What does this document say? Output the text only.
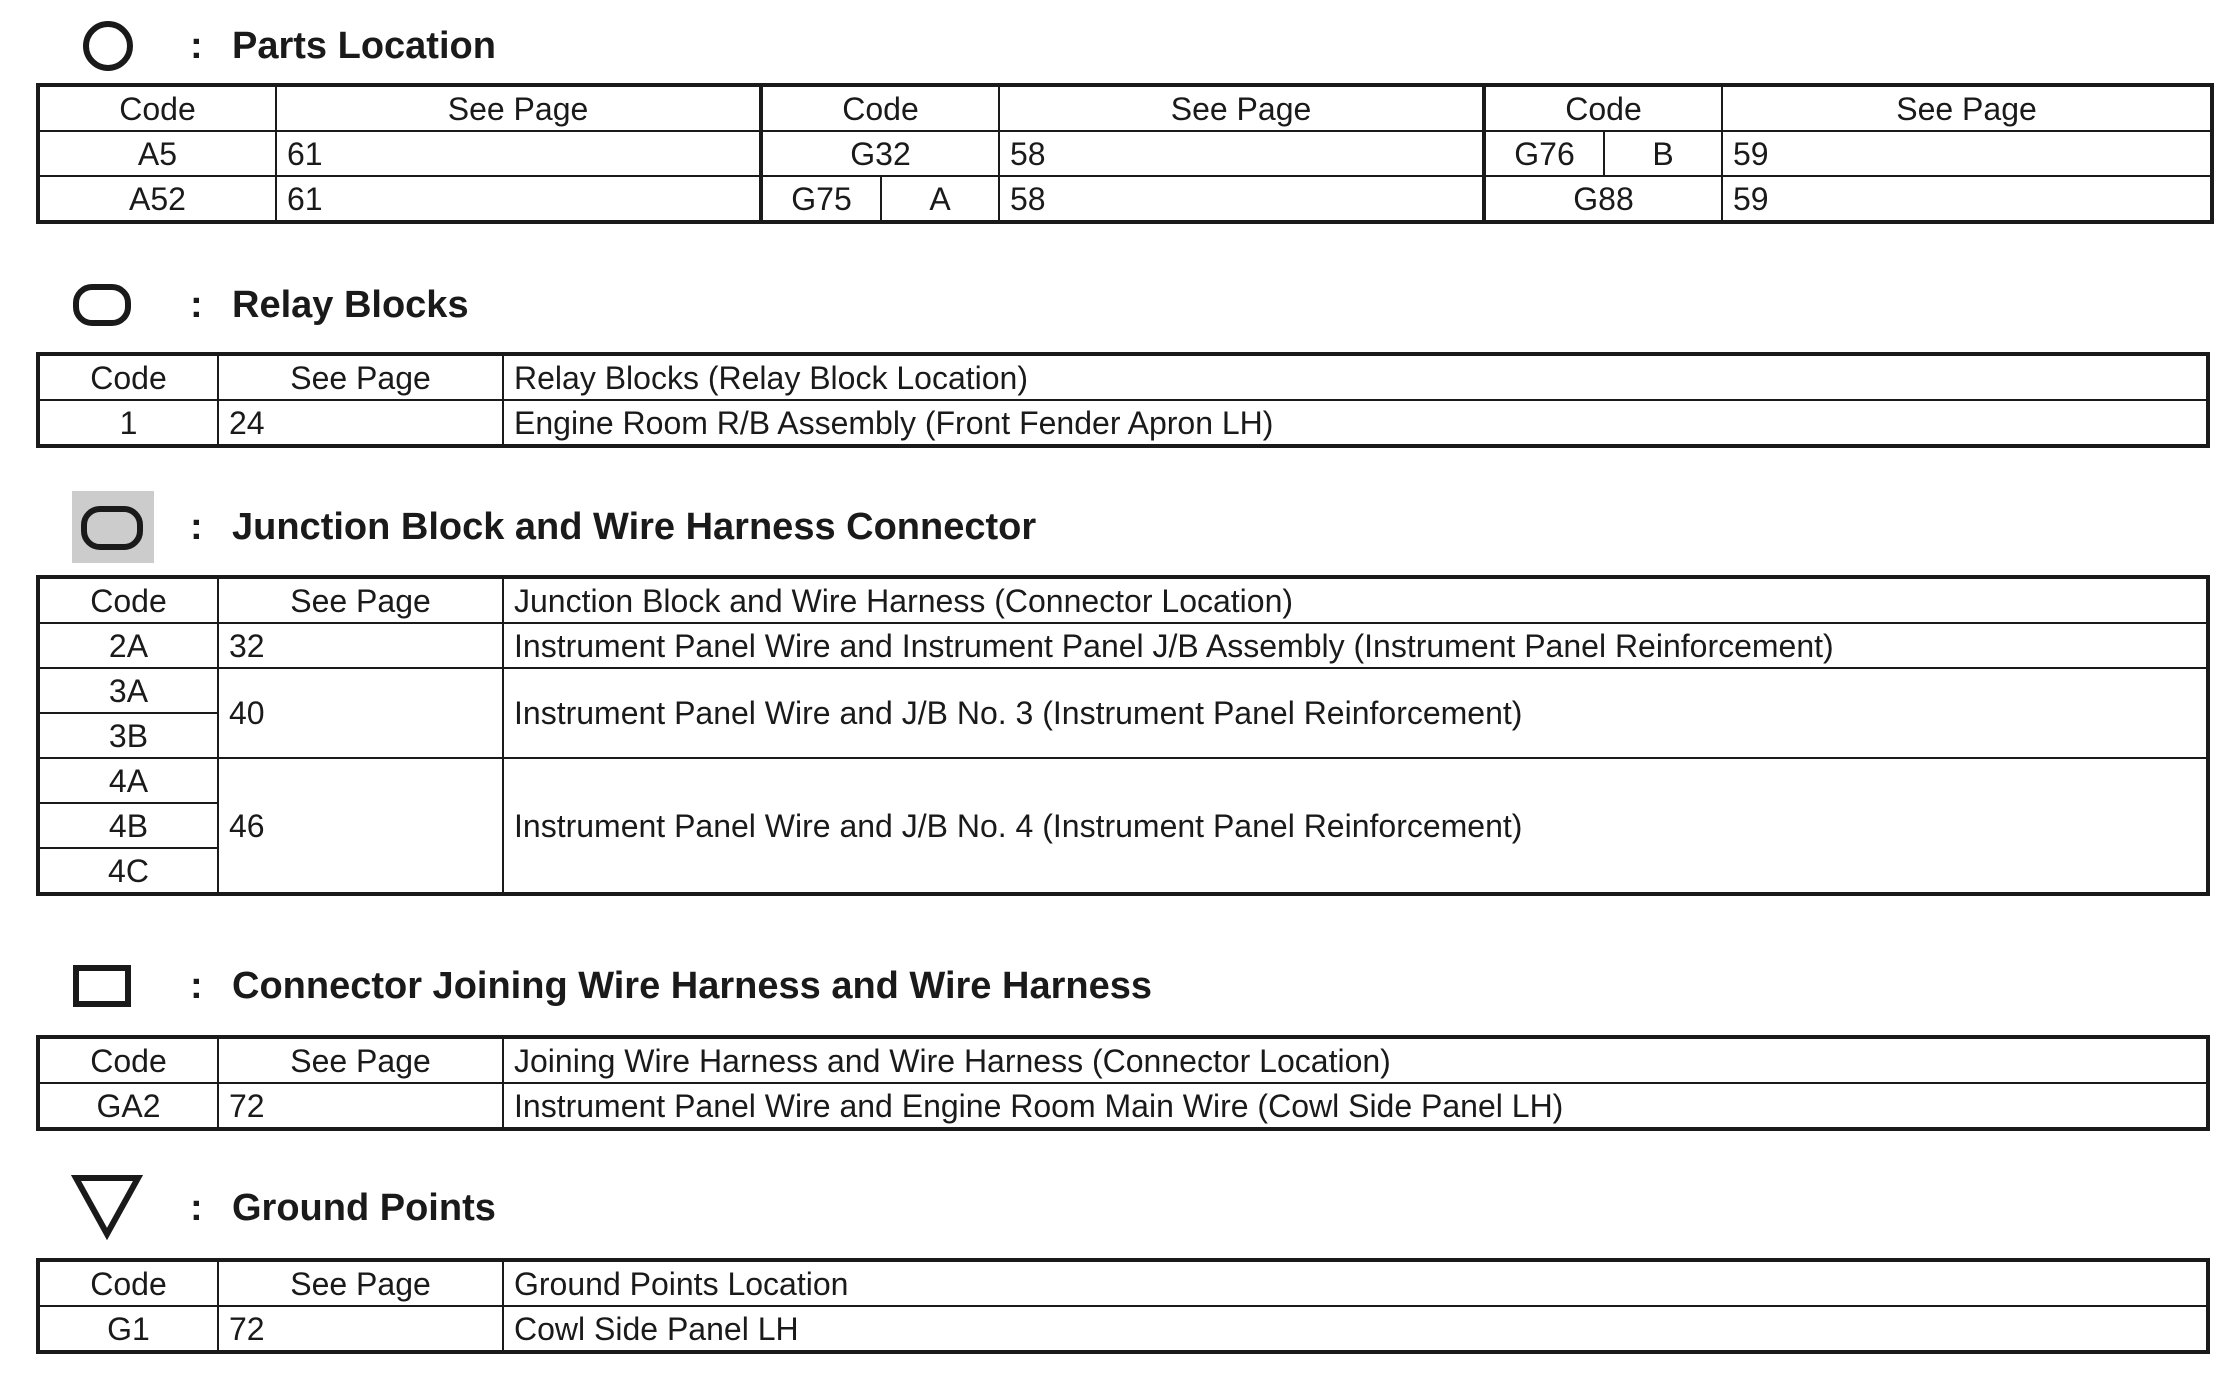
: Parts Location
Code	See Page	Code		See Page	Code		See Page
A5	61	G32		58	G76	B	59
A52	61	G75	A	58	G88		59
: Relay Blocks
Code	See Page	Relay Blocks (Relay Block Location)
1	24	Engine Room R/B Assembly (Front Fender Apron LH)
: Junction Block and Wire Harness Connector
Code	See Page	Junction Block and Wire Harness (Connector Location)
2A	32	Instrument Panel Wire and Instrument Panel J/B Assembly (Instrument Panel Reinforcement)
3A	40	Instrument Panel Wire and J/B No. 3 (Instrument Panel Reinforcement)
3B		
4A	46	Instrument Panel Wire and J/B No. 4 (Instrument Panel Reinforcement)
4B		
4C		
: Connector Joining Wire Harness and Wire Harness
Code	See Page	Joining Wire Harness and Wire Harness (Connector Location)
GA2	72	Instrument Panel Wire and Engine Room Main Wire (Cowl Side Panel LH)
: Ground Points
Code	See Page	Ground Points Location
G1	72	Cowl Side Panel LH
